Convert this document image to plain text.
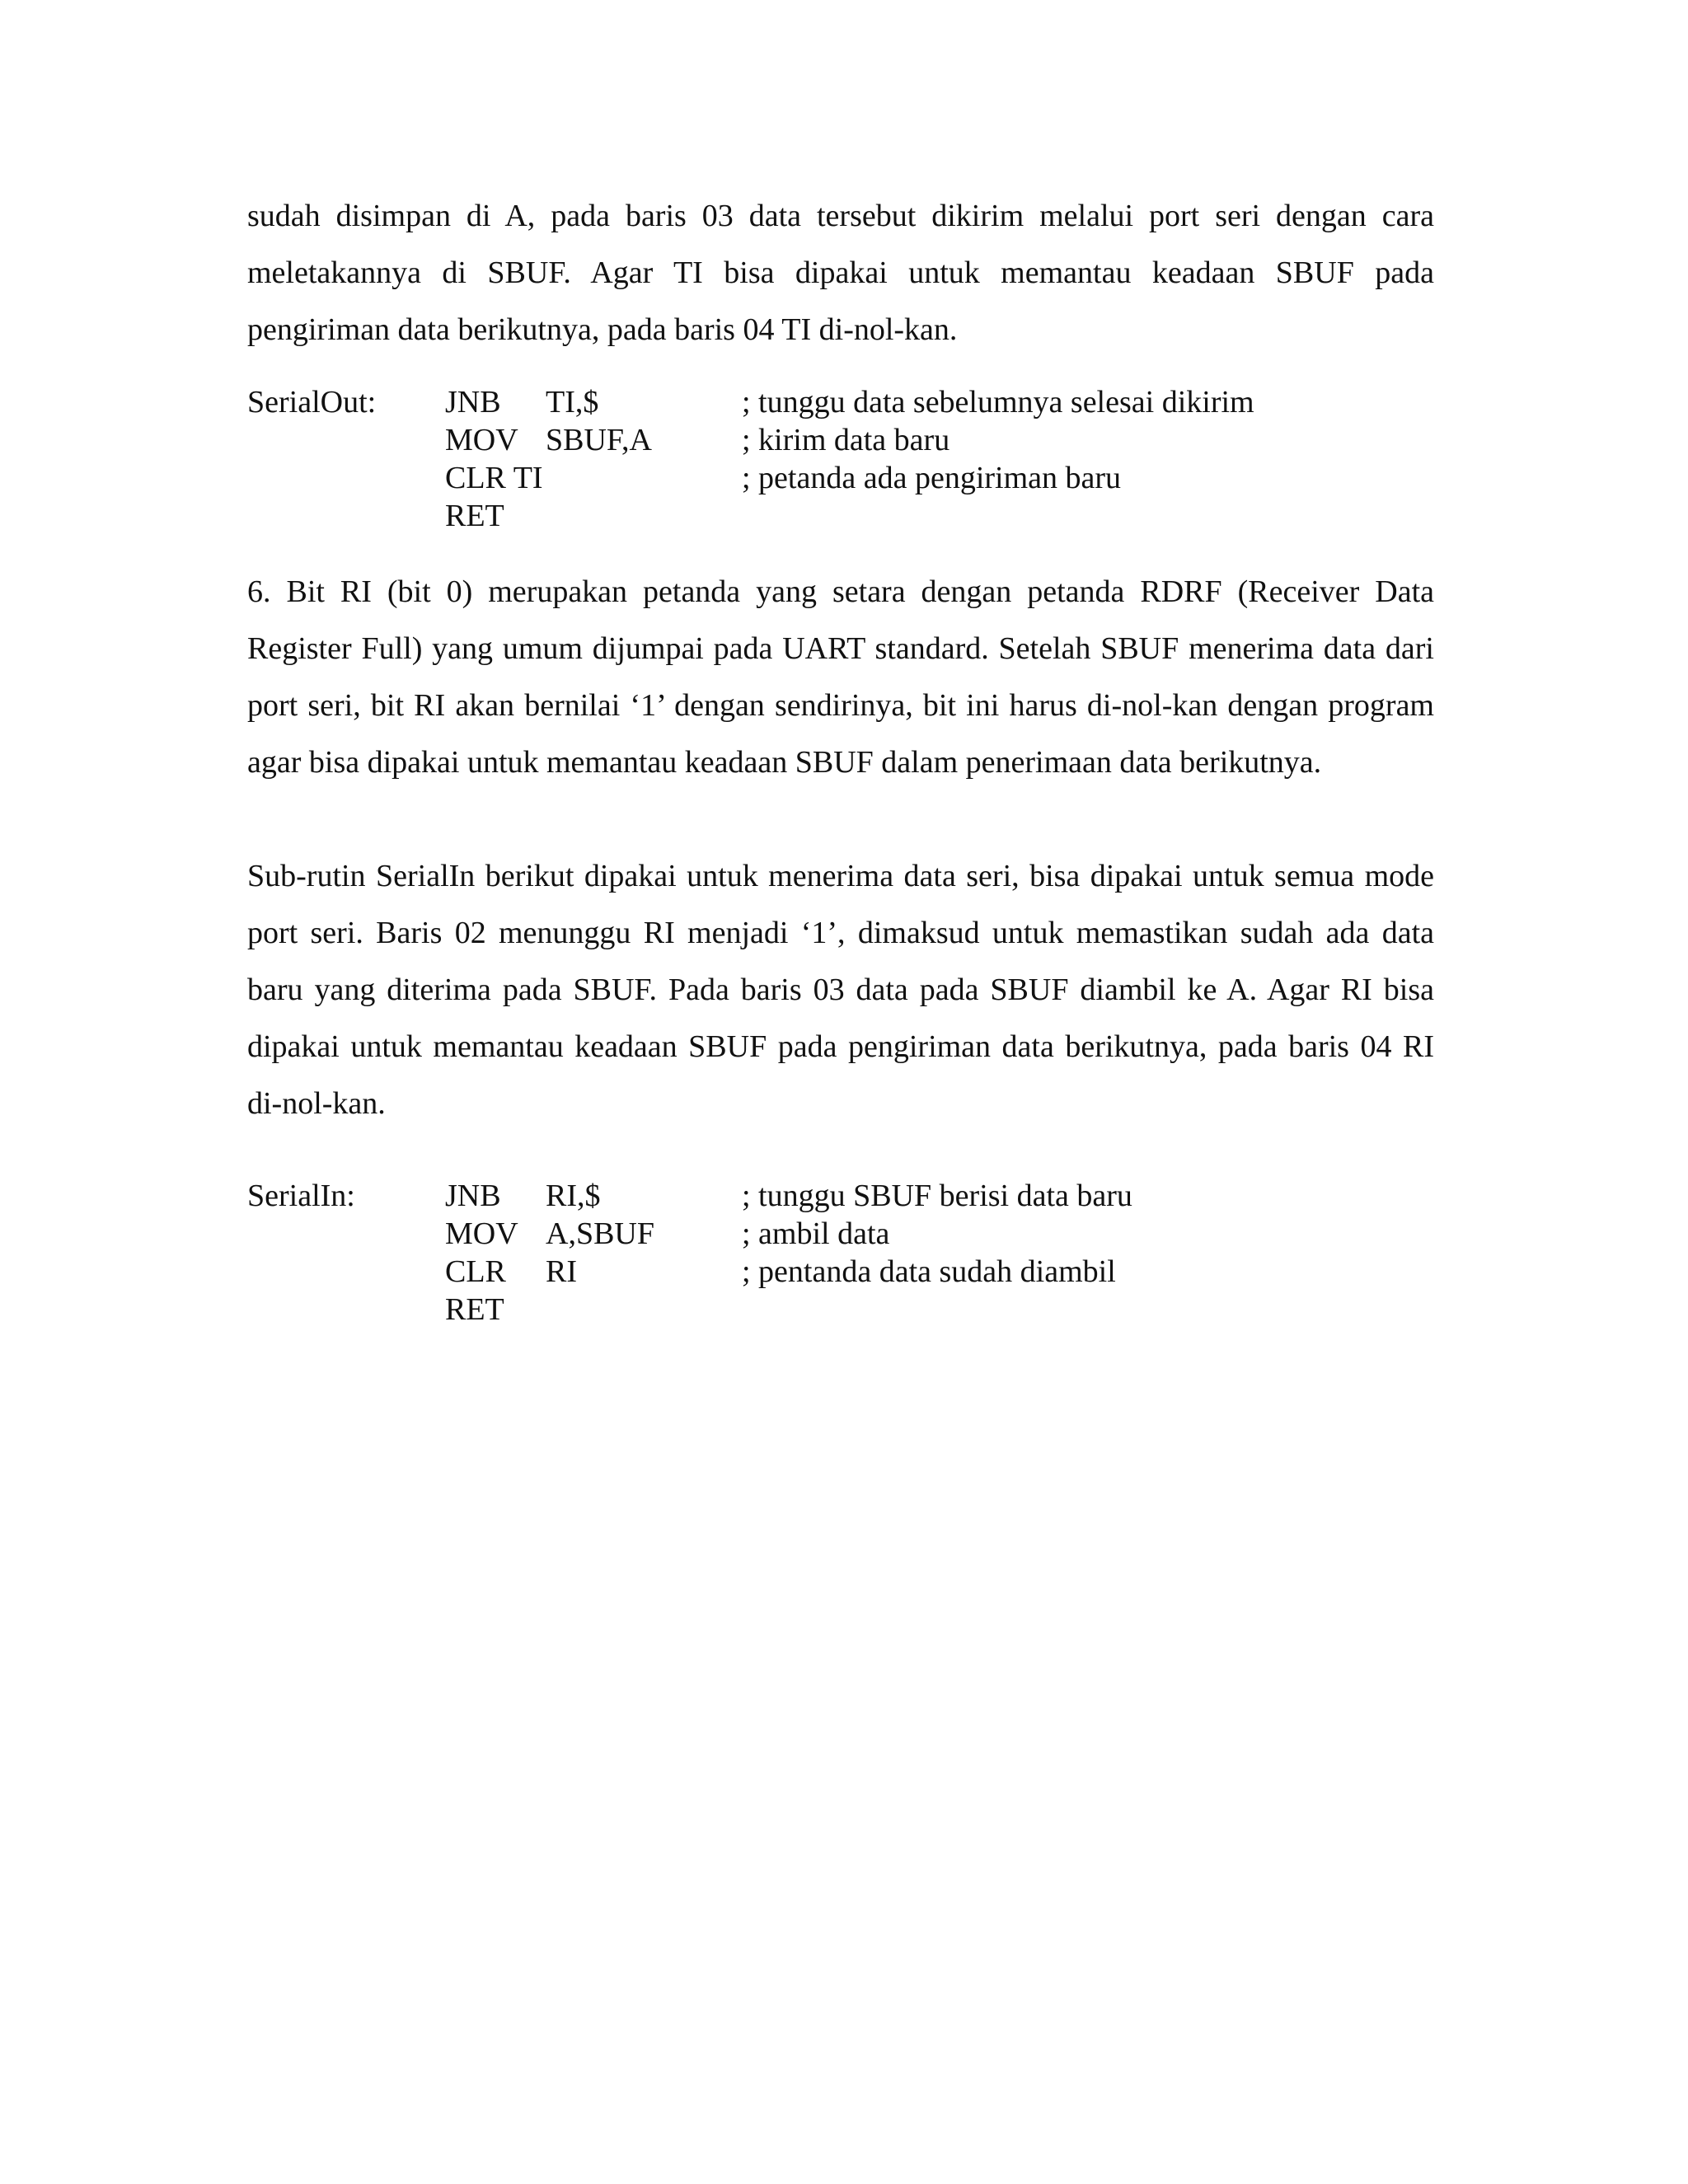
sudah disimpan di A, pada baris 03 data tersebut dikirim melalui port seri dengan cara meletakannya di SBUF. Agar TI bisa dipakai untuk memantau keadaan SBUF pada pengiriman data berikutnya, pada baris 04 TI di-nol-kan.

SerialOut: JNB TI,$	; tunggu data sebelumnya selesai dikirim
MOV SBUF,A	; kirim data baru
CLR TI	; petanda ada pengiriman baru
RET

6. Bit RI (bit 0) merupakan petanda yang setara dengan petanda RDRF (Receiver Data Register Full) yang umum dijumpai pada UART standard. Setelah SBUF menerima data dari port seri, bit RI akan bernilai ‘1’ dengan sendirinya, bit ini harus di-nol-kan dengan program agar bisa dipakai untuk memantau keadaan SBUF dalam penerimaan data berikutnya.

Sub-rutin SerialIn berikut dipakai untuk menerima data seri, bisa dipakai untuk semua mode port seri. Baris 02 menunggu RI menjadi ‘1’, dimaksud untuk memastikan sudah ada data baru yang diterima pada SBUF. Pada baris 03 data pada SBUF diambil ke A. Agar RI bisa dipakai untuk memantau keadaan SBUF pada pengiriman data berikutnya, pada baris 04 RI di-nol-kan.

SerialIn:	JNB RI,$	; tunggu SBUF berisi data baru
MOV A,SBUF	; ambil data
CLR RI	; pentanda data sudah diambil
RET
